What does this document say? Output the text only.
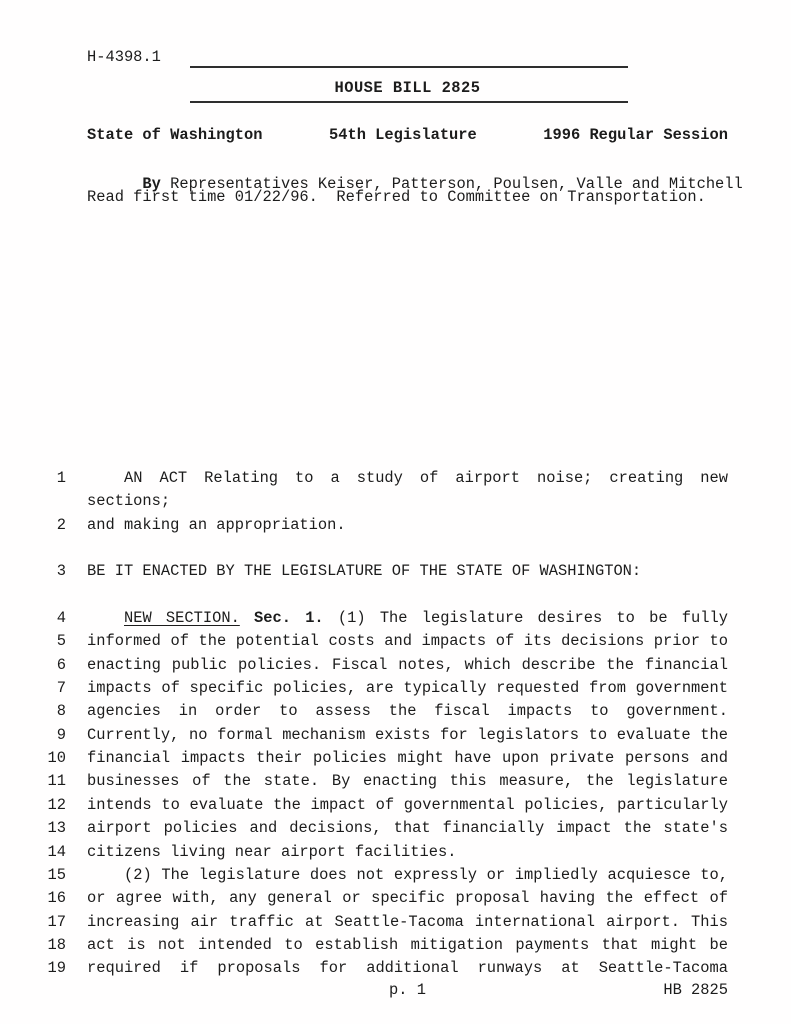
H-4398.1
HOUSE BILL 2825
State of Washington	54th Legislature	1996 Regular Session

By Representatives Keiser, Patterson, Poulsen, Valle and Mitchell

Read first time 01/22/96.  Referred to Committee on Transportation.
1	AN ACT Relating to a study of airport noise; creating new sections;
2 and making an appropriation.
3 BE IT ENACTED BY THE LEGISLATURE OF THE STATE OF WASHINGTON:
4	NEW SECTION. Sec. 1. (1) The legislature desires to be fully
5 informed of the potential costs and impacts of its decisions prior to
6 enacting public policies. Fiscal notes, which describe the financial
7 impacts of specific policies, are typically requested from government
8 agencies in order to assess the fiscal impacts to government.
9 Currently, no formal mechanism exists for legislators to evaluate the
10 financial impacts their policies might have upon private persons and
11 businesses of the state. By enacting this measure, the legislature
12 intends to evaluate the impact of governmental policies, particularly
13 airport policies and decisions, that financially impact the state's
14 citizens living near airport facilities.
15	(2) The legislature does not expressly or impliedly acquiesce to,
16 or agree with, any general or specific proposal having the effect of
17 increasing air traffic at Seattle-Tacoma international airport. This
18 act is not intended to establish mitigation payments that might be
19 required if proposals for additional runways at Seattle-Tacoma
p. 1	HB 2825
